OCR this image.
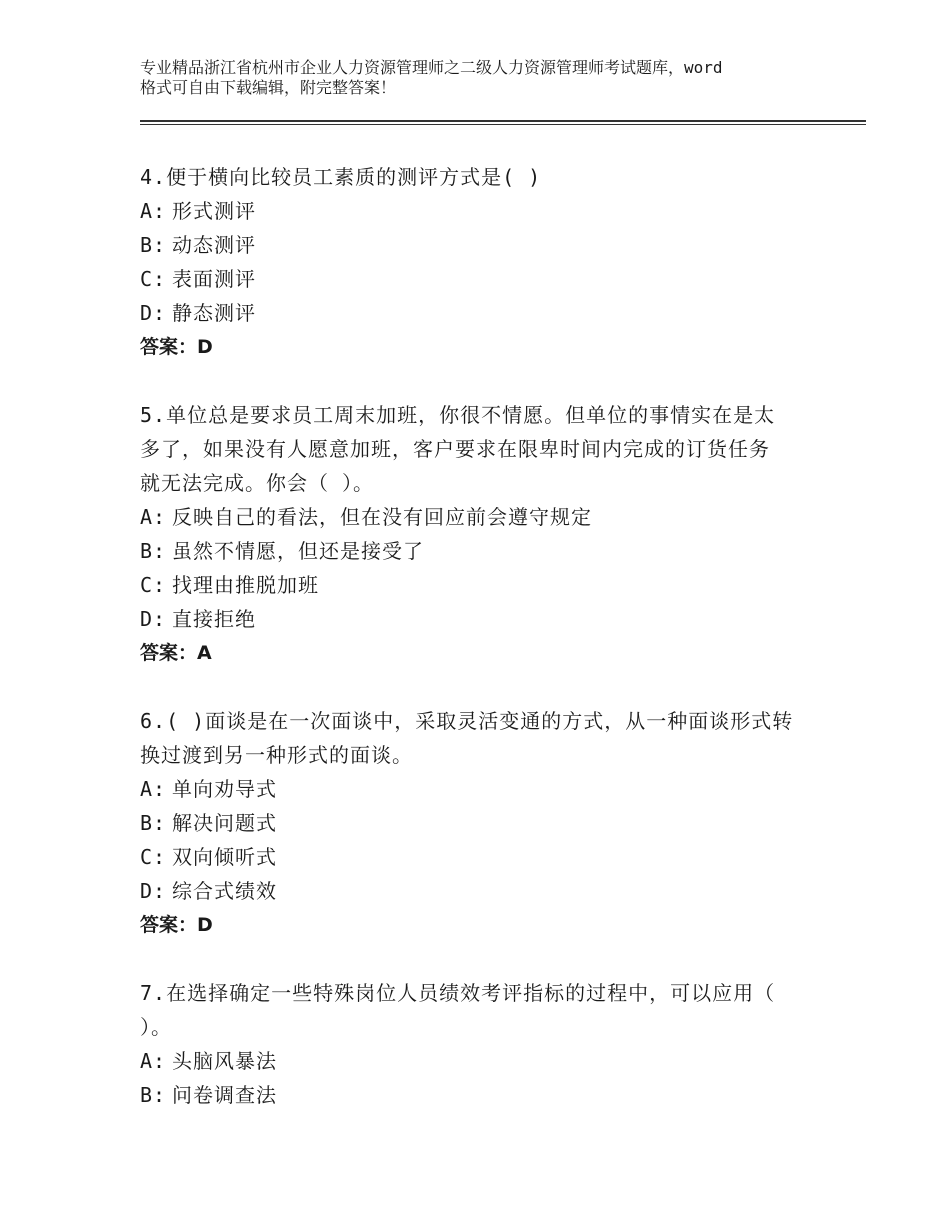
专业精品浙江省杭州市企业人力资源管理师之二级人力资源管理师考试题库，word
格式可自由下载编辑，附完整答案！
4.便于横向比较员工素质的测评方式是( )
A: 形式测评
B: 动态测评
C: 表面测评
D: 静态测评
答案：D
5.单位总是要求员工周末加班，你很不情愿。但单位的事情实在是太
多了，如果没有人愿意加班，客户要求在限卑时间内完成的订货任务
就无法完成。你会（ ）。
A: 反映自己的看法，但在没有回应前会遵守规定
B: 虽然不情愿，但还是接受了
C: 找理由推脱加班
D: 直接拒绝
答案：A
6.( )面谈是在一次面谈中，采取灵活变通的方式，从一种面谈形式转
换过渡到另一种形式的面谈。
A: 单向劝导式
B: 解决问题式
C: 双向倾听式
D: 综合式绩效
答案：D
7.在选择确定一些特殊岗位人员绩效考评指标的过程中，可以应用（
）。
A: 头脑风暴法
B: 问卷调查法
